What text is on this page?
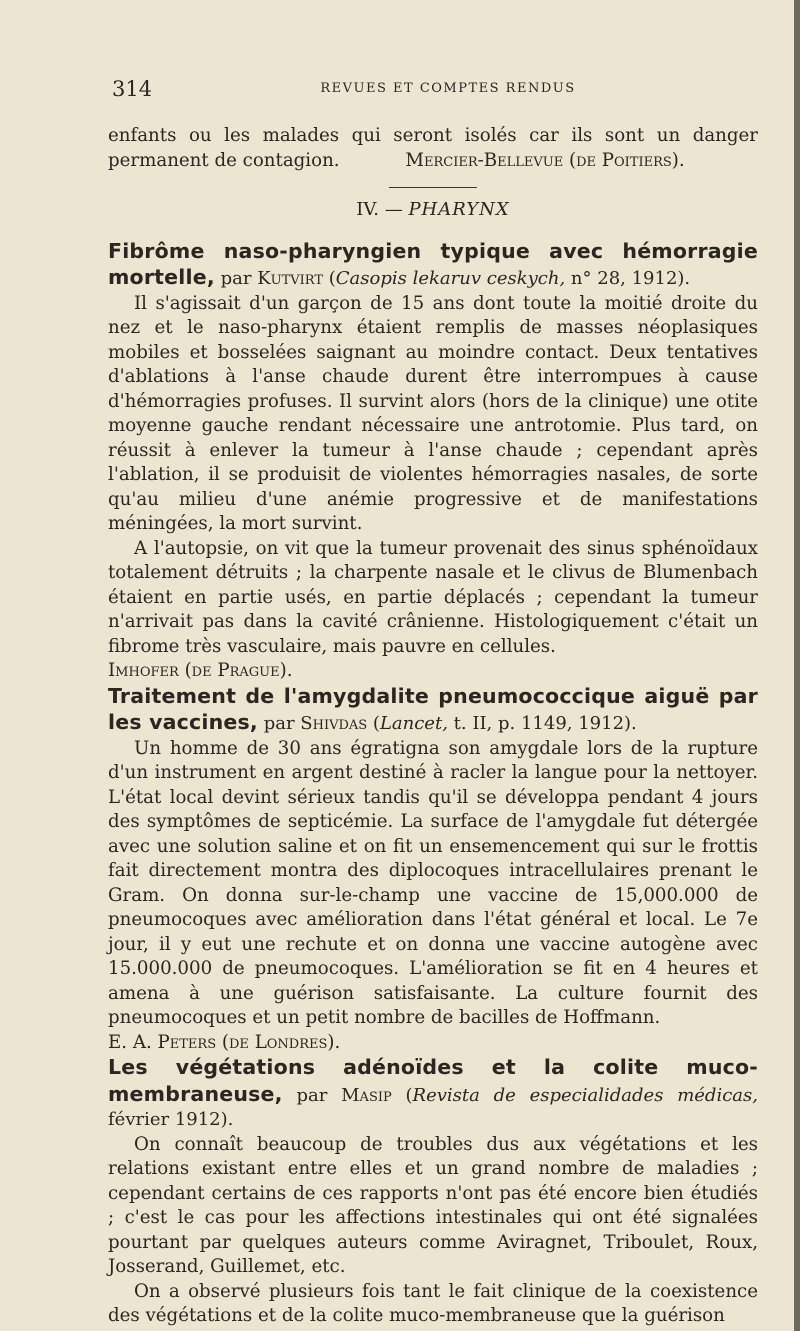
314	REVUES ET COMPTES RENDUS

enfants ou les malades qui seront isolés car ils sont un danger permanent de contagion.	Mercier-Bellevue (de Poitiers).

IV. — PHARYNX

Fibrôme naso-pharyngien typique avec hémorragie mortelle, par Kutvirt (Casopis lekaruv ceskych, n° 28, 1912).

Il s'agissait d'un garçon de 15 ans dont toute la moitié droite du nez et le naso-pharynx étaient remplis de masses néoplasiques mobiles et bosselées saignant au moindre contact. Deux tentatives d'ablations à l'anse chaude durent être interrompues à cause d'hémorragies profuses. Il survint alors (hors de la clinique) une otite moyenne gauche rendant nécessaire une antrotomie. Plus tard, on réussit à enlever la tumeur à l'anse chaude ; cependant après l'ablation, il se produisit de violentes hémorragies nasales, de sorte qu'au milieu d'une anémie progressive et de manifestations méningées, la mort survint.

A l'autopsie, on vit que la tumeur provenait des sinus sphénoïdaux totalement détruits ; la charpente nasale et le clivus de Blumenbach étaient en partie usés, en partie déplacés ; cependant la tumeur n'arrivait pas dans la cavité crânienne. Histologiquement c'était un fibrome très vasculaire, mais pauvre en cellules.

Imhofer (de Prague).

Traitement de l'amygdalite pneumococcique aiguë par les vaccines, par Shivdas (Lancet, t. II, p. 1149, 1912).

Un homme de 30 ans égratigna son amygdale lors de la rupture d'un instrument en argent destiné à racler la langue pour la nettoyer. L'état local devint sérieux tandis qu'il se développa pendant 4 jours des symptômes de septicémie. La surface de l'amygdale fut détergée avec une solution saline et on fit un ensemencement qui sur le frottis fait directement montra des diplocoques intracellulaires prenant le Gram. On donna sur-le-champ une vaccine de 15,000.000 de pneumocoques avec amélioration dans l'état général et local. Le 7e jour, il y eut une rechute et on donna une vaccine autogène avec 15.000.000 de pneumocoques. L'amélioration se fit en 4 heures et amena à une guérison satisfaisante. La culture fournit des pneumocoques et un petit nombre de bacilles de Hoffmann.

E. A. Peters (de Londres).

Les végétations adénoïdes et la colite muco-membraneuse, par Masip (Revista de especialidades médicas, février 1912).

On connaît beaucoup de troubles dus aux végétations et les relations existant entre elles et un grand nombre de maladies ; cependant certains de ces rapports n'ont pas été encore bien étudiés ; c'est le cas pour les affections intestinales qui ont été signalées pourtant par quelques auteurs comme Aviragnet, Triboulet, Roux, Josserand, Guillemet, etc.

On a observé plusieurs fois tant le fait clinique de la coexistence des végétations et de la colite muco-membraneuse que la guérison
